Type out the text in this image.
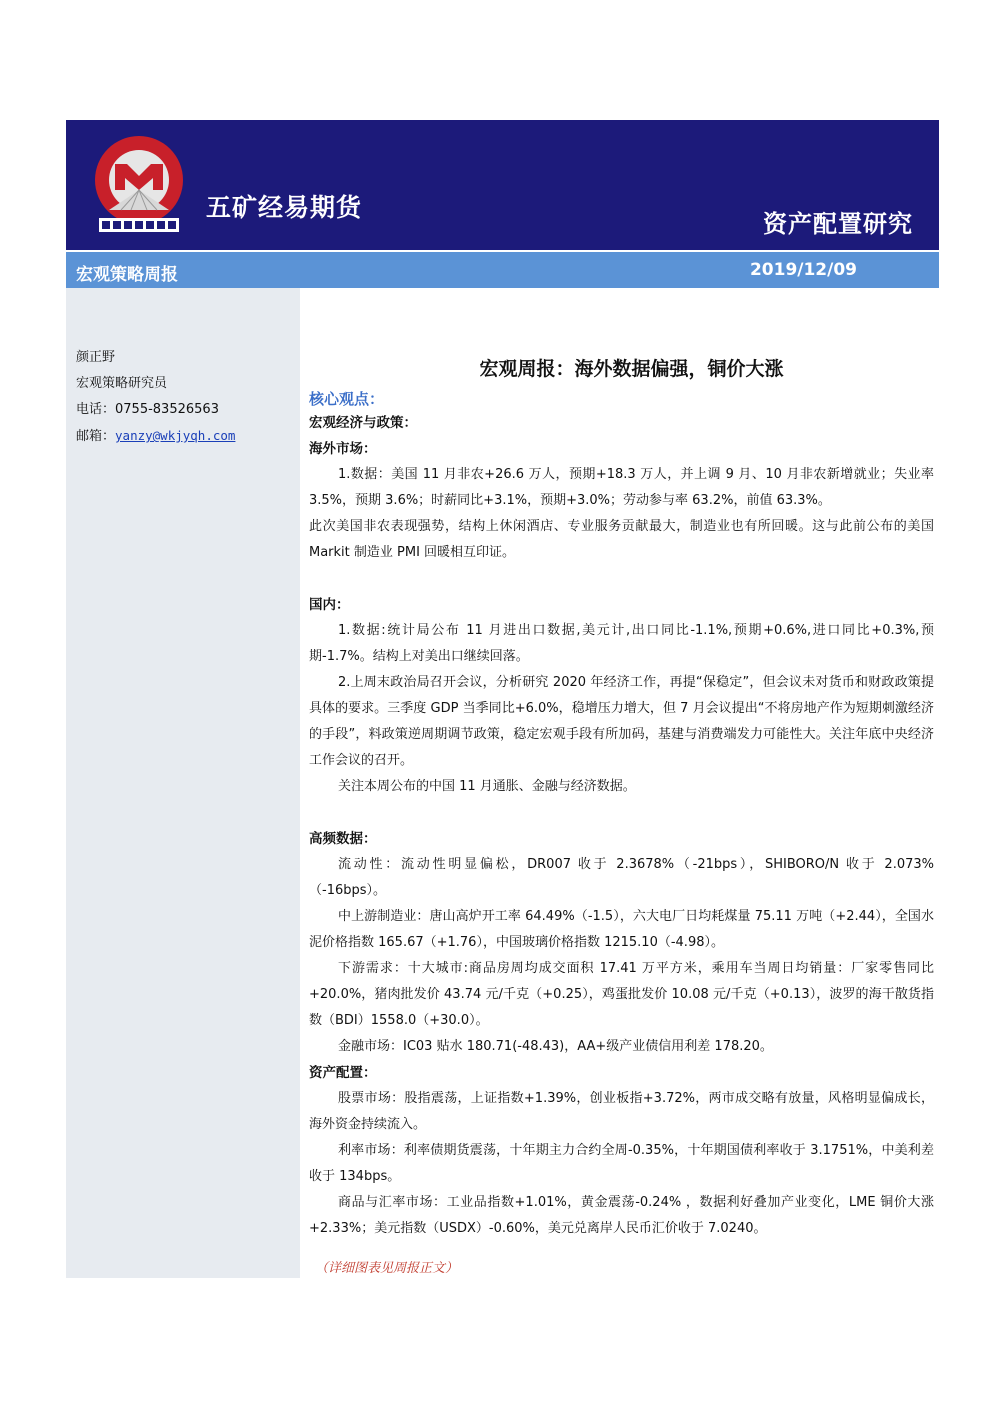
五矿经易期货
资产配置研究
宏观策略周报	2019/12/09
颜正野
宏观策略研究员
电话：0755-83526563
邮箱：yanzy@wkjyqh.com
宏观周报：海外数据偏强，铜价大涨
核心观点：
宏观经济与政策：
海外市场：
1.数据：美国 11 月非农+26.6 万人，预期+18.3 万人，并上调 9 月、10 月非农新增就业；失业率 3.5%，预期 3.6%；时薪同比+3.1%，预期+3.0%；劳动参与率 63.2%，前值 63.3%。
此次美国非农表现强势，结构上休闲酒店、专业服务贡献最大，制造业也有所回暖。这与此前公布的美国 Markit 制造业 PMI 回暖相互印证。
国内：
1.数据:统计局公布 11 月进出口数据,美元计,出口同比-1.1%,预期+0.6%,进口同比+0.3%,预期-1.7%。结构上对美出口继续回落。
2.上周末政治局召开会议，分析研究 2020 年经济工作，再提“保稳定”，但会议未对货币和财政政策提具体的要求。三季度 GDP 当季同比+6.0%，稳增压力增大，但 7 月会议提出“不将房地产作为短期刺激经济的手段”，料政策逆周期调节政策，稳定宏观手段有所加码，基建与消费端发力可能性大。关注年底中央经济工作会议的召开。
关注本周公布的中国 11 月通胀、金融与经济数据。
高频数据：
流动性：流动性明显偏松，DR007 收于 2.3678%（-21bps），SHIBORO/N 收于 2.073%（-16bps）。
中上游制造业：唐山高炉开工率 64.49%（-1.5），六大电厂日均耗煤量 75.11 万吨（+2.44），全国水泥价格指数 165.67（+1.76），中国玻璃价格指数 1215.10（-4.98）。
下游需求：十大城市:商品房周均成交面积 17.41 万平方米，乘用车当周日均销量：厂家零售同比+20.0%，猪肉批发价 43.74 元/千克（+0.25），鸡蛋批发价 10.08 元/千克（+0.13），波罗的海干散货指数（BDI）1558.0（+30.0）。
金融市场：IC03 贴水 180.71(-48.43)，AA+级产业债信用利差 178.20。
资产配置：
股票市场：股指震荡，上证指数+1.39%，创业板指+3.72%，两市成交略有放量，风格明显偏成长，海外资金持续流入。
利率市场：利率债期货震荡，十年期主力合约全周-0.35%，十年期国债利率收于 3.1751%，中美利差收于 134bps。
商品与汇率市场：工业品指数+1.01%，黄金震荡-0.24% ，数据利好叠加产业变化，LME 铜价大涨+2.33%；美元指数（USDX）-0.60%，美元兑离岸人民币汇价收于 7.0240。
（详细图表见周报正文）
